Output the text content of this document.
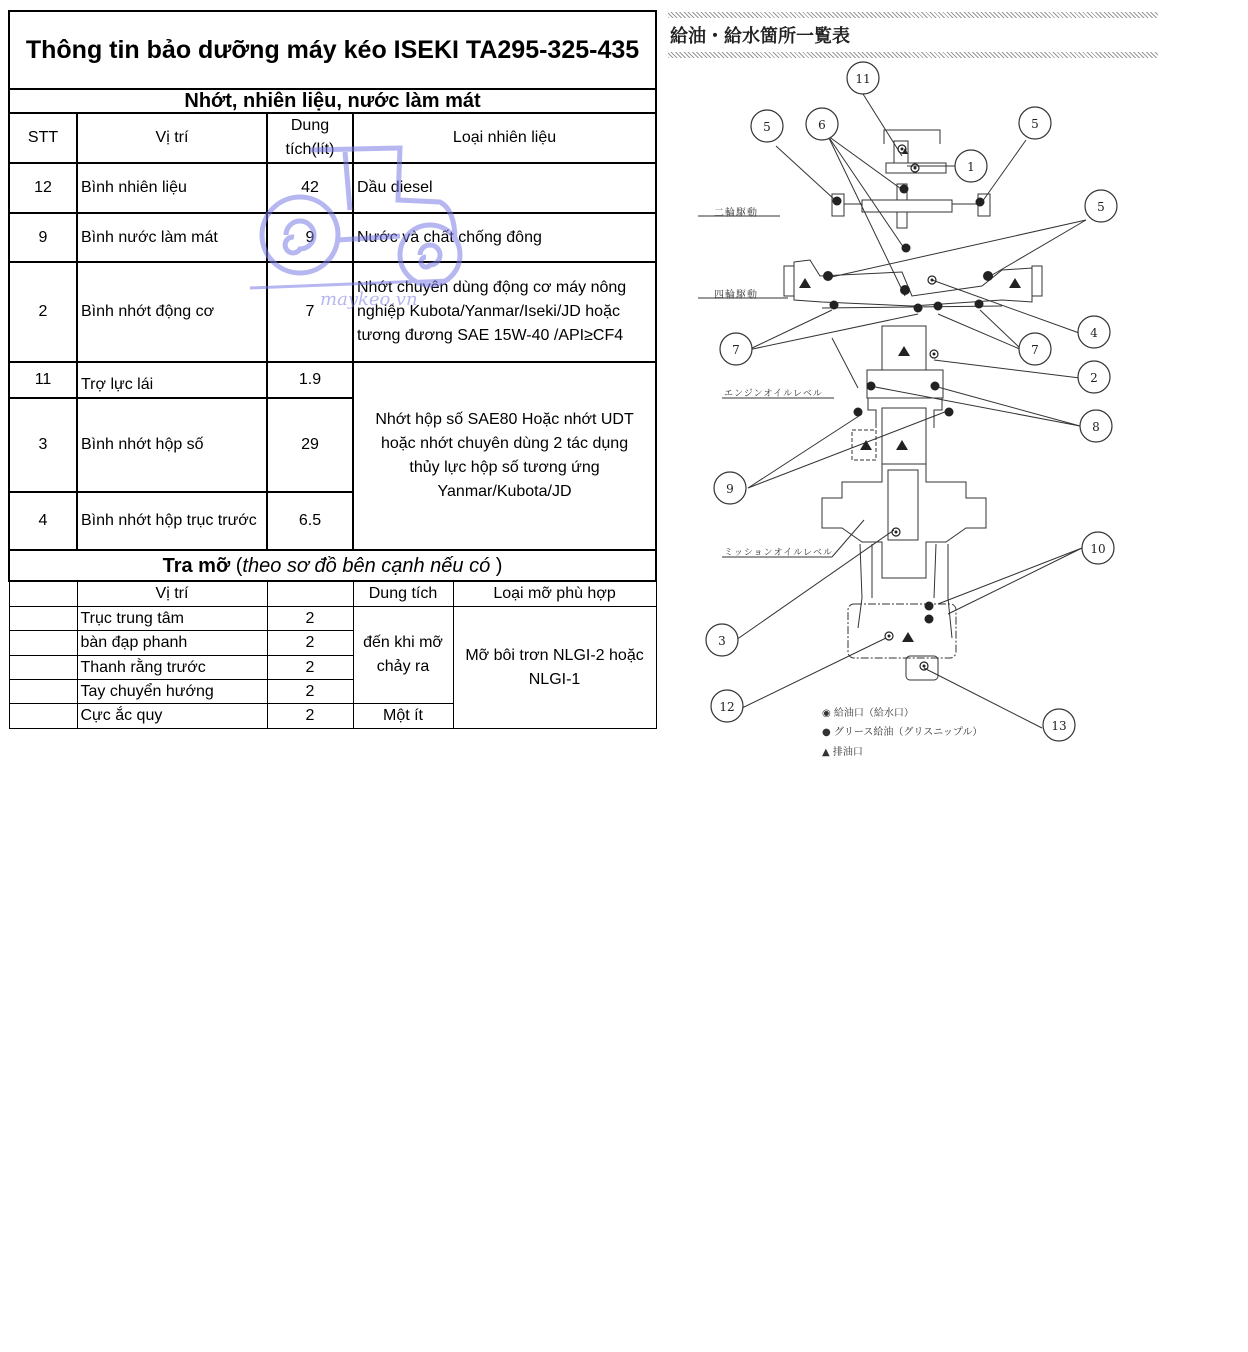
Thông tin bảo dưỡng máy kéo ISEKI TA295-325-435				
Nhớt, nhiên liệu, nước làm mát				
STT	Vị trí	Dung tích(lít)	Loại nhiên liệu	
12	Bình nhiên liệu	42	Dầu diesel	
9	Bình nước làm mát	9	Nước và chất chống đông	
2	Bình nhớt động cơ	7	Nhớt chuyên dùng động cơ máy nông nghiệp Kubota/Yanmar/Iseki/JD hoặc tương đương SAE 15W-40 /API≥CF4	
11	Trợ lực lái	1.9	Nhớt hộp số SAE80 Hoặc nhớt UDT hoặc nhớt chuyên dùng 2 tác dụng thủy lực hộp số tương ứng Yanmar/Kubota/JD	
3	Bình nhớt hộp số	29		
4	Bình nhớt hộp trục trước	6.5		
Tra mỡ (theo sơ đồ bên cạnh nếu có )				
	Vị trí		Dung tích	Loại mỡ phù hợp
	Trục trung tâm	2	đến khi mỡ chảy ra	Mỡ bôi trơn NLGI-2 hoặc NLGI-1
	bàn đạp phanh	2		
	Thanh rằng trước	2		
	Tay chuyển hướng	2		
	Cực ắc quy	2	Một ít	
maykeo.vn
給油・給水箇所一覧表
二輪駆動
四輪駆動
エンジンオイルレベル
ミッションオイルレベル
11
5	6
1
5
5
4
7	7
2
8
9
10
3
12
13
◉ 給油口（給水口）
● グリース給油（グリスニップル）
▲ 排油口
